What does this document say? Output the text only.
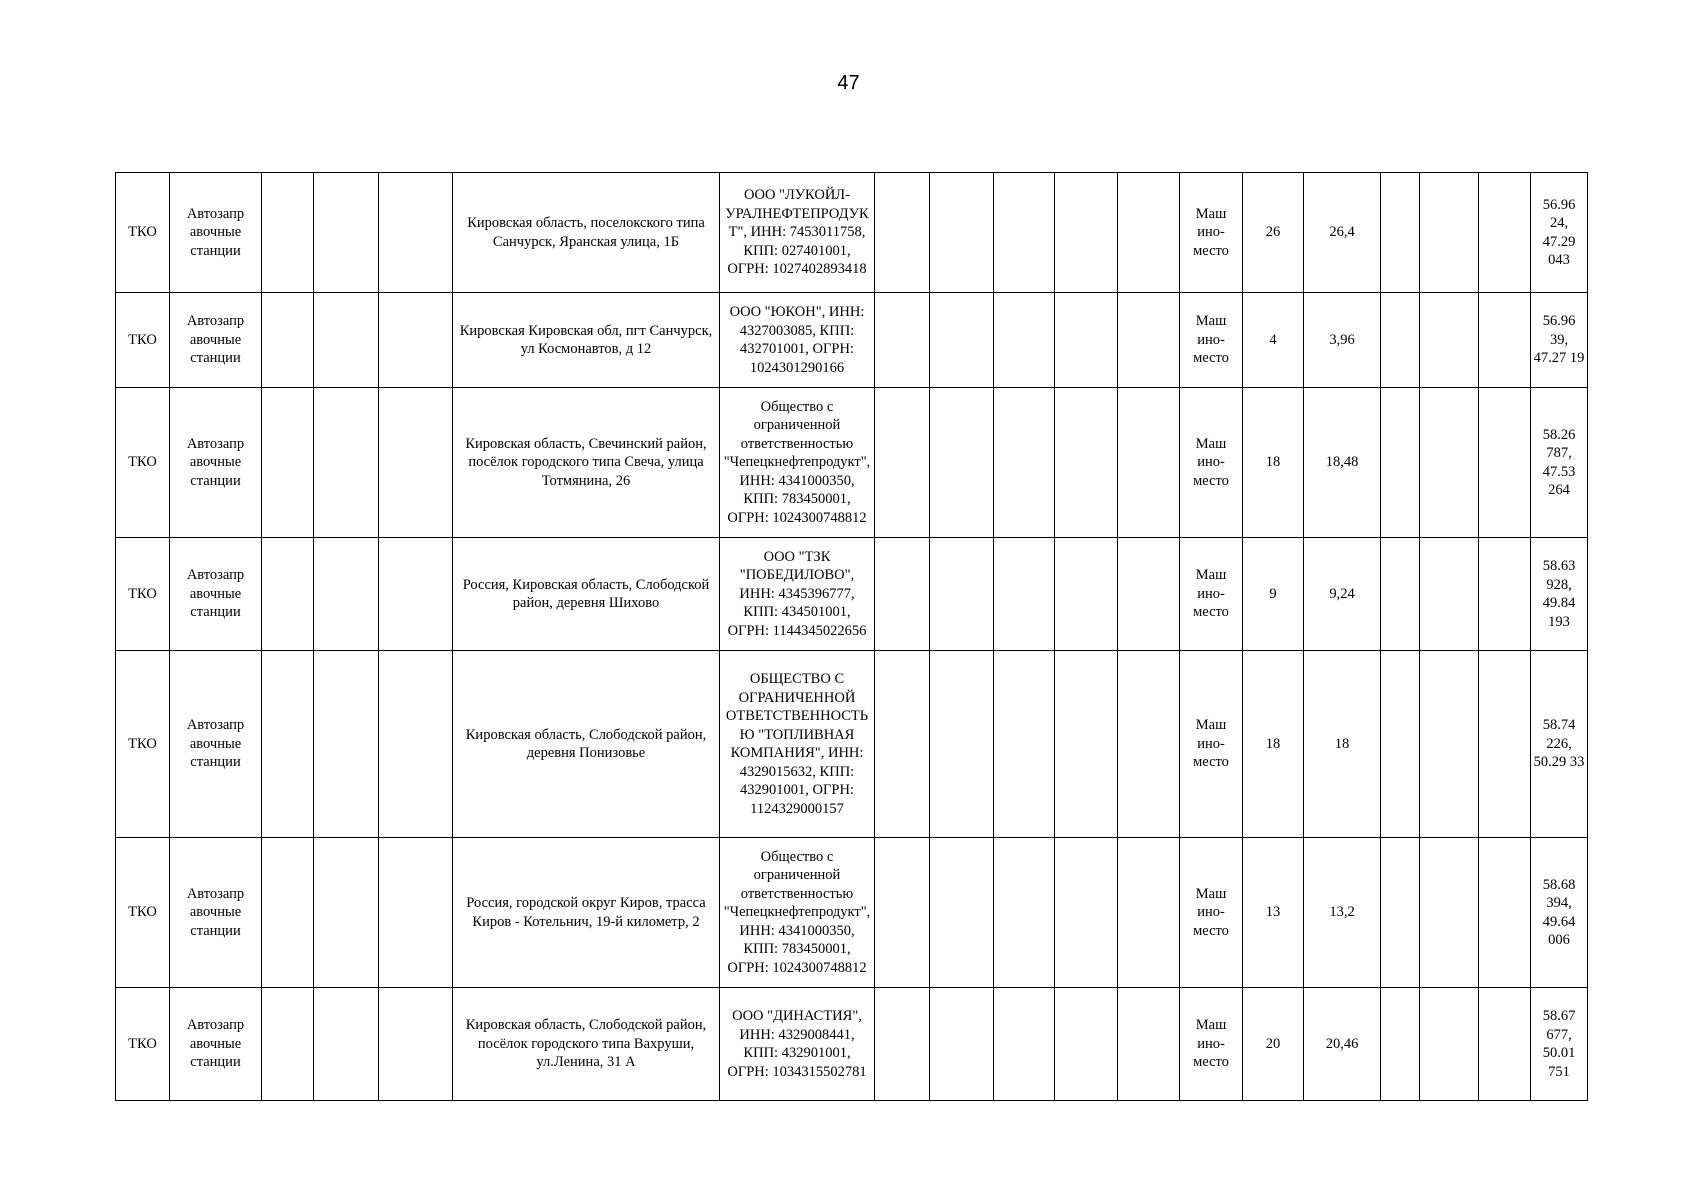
47
ТКО	Автозапр авочные станции				Кировская область, поселокского типа Санчурск, Яранская улица, 1Б	ООО "ЛУКОЙЛ-УРАЛНЕФТЕПРОДУКТ", ИНН: 7453011758, КПП: 027401001, ОГРН: 1027402893418						Маш ино-место	26	26,4				56.96 24, 47.29 043
ТКО	Автозапр авочные станции				Кировская Кировская обл, пгт Санчурск, ул Космонавтов, д 12	ООО "ЮКОН", ИНН: 4327003085, КПП: 432701001, ОГРН: 1024301290166						Маш ино-место	4	3,96				56.96 39, 47.27 19
ТКО	Автозапр авочные станции				Кировская область, Свечинский район, посёлок городского типа Свеча, улица Тотмянина, 26	Общество с ограниченной ответственностью "Чепецкнефтепродукт", ИНН: 4341000350, КПП: 783450001, ОГРН: 1024300748812						Маш ино-место	18	18,48				58.26 787, 47.53 264
ТКО	Автозапр авочные станции				Россия, Кировская область, Слободской район, деревня Шихово	ООО "ТЗК "ПОБЕДИЛОВО", ИНН: 4345396777, КПП: 434501001, ОГРН: 1144345022656						Маш ино-место	9	9,24				58.63 928, 49.84 193
ТКО	Автозапр авочные станции				Кировская область, Слободской район, деревня Понизовье	ОБЩЕСТВО С ОГРАНИЧЕННОЙ ОТВЕТСТВЕННОСТЬЮ "ТОПЛИВНАЯ КОМПАНИЯ", ИНН: 4329015632, КПП: 432901001, ОГРН: 1124329000157						Маш ино-место	18	18				58.74 226, 50.29 33
ТКО	Автозапр авочные станции				Россия, городской округ Киров, трасса Киров - Котельнич, 19-й километр, 2	Общество с ограниченной ответственностью "Чепецкнефтепродукт", ИНН: 4341000350, КПП: 783450001, ОГРН: 1024300748812						Маш ино-место	13	13,2				58.68 394, 49.64 006
ТКО	Автозапр авочные станции				Кировская область, Слободской район, посёлок городского типа Вахруши, ул.Ленина, 31 А	ООО "ДИНАСТИЯ", ИНН: 4329008441, КПП: 432901001, ОГРН: 1034315502781						Маш ино-место	20	20,46				58.67 677, 50.01 751
